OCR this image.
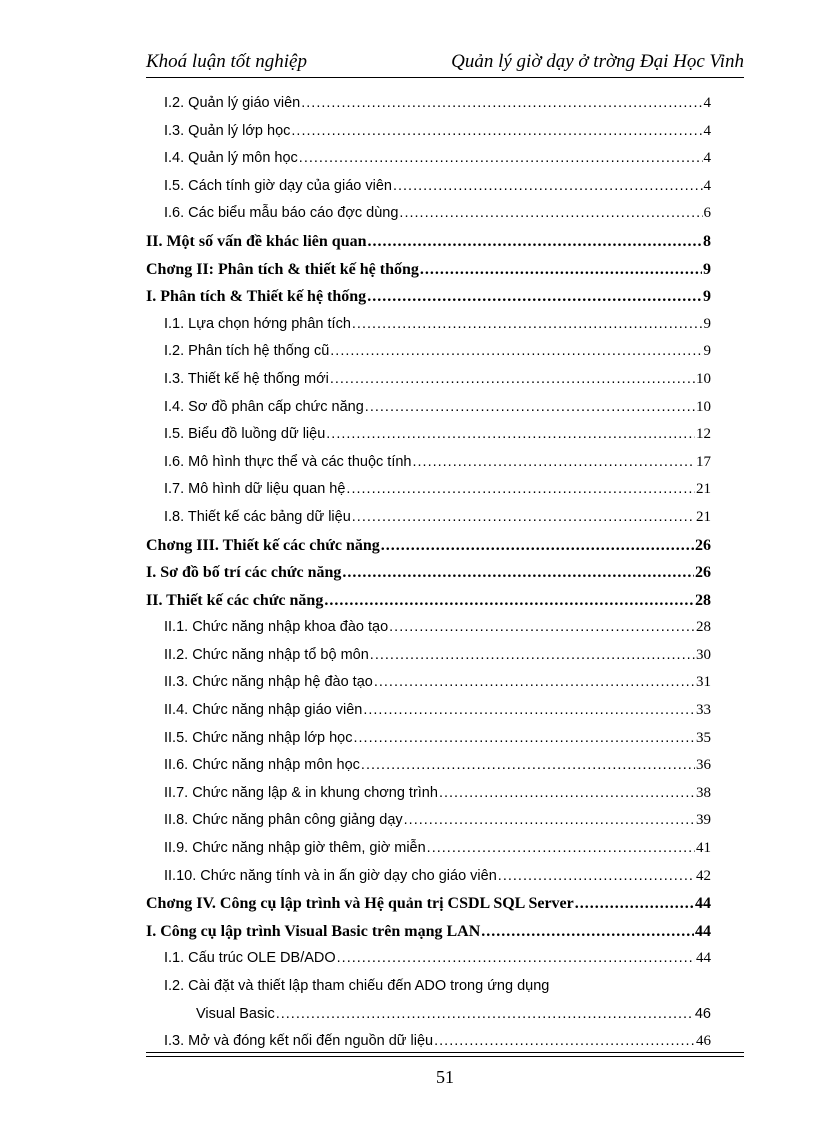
Khoá luận tốt nghiệp	Quản lý giờ dạy ở trờng Đại Học Vinh
I.2. Quản lý giáo viên .....	4
I.3. Quản lý lớp học .....	4
I.4. Quản lý môn học .....	4
I.5. Cách tính giờ dạy của giáo viên .....	4
I.6. Các biểu mẫu báo cáo đợc dùng .....	6
II. Một số vấn đề khác liên quan .....	8
Chơng II: Phân tích & thiết kế hệ thống .....	9
I. Phân tích & Thiết kế hệ thống .....	9
I.1. Lựa chọn hớng phân tích .....	9
I.2. Phân tích hệ thống cũ .....	9
I.3. Thiết kế hệ thống mới .....	10
I.4. Sơ đồ phân cấp chức năng .....	10
I.5. Biểu đồ luồng dữ liệu .....	12
I.6. Mô hình thực thể và các thuộc tính .....	17
I.7. Mô hình dữ liệu quan hệ .....	21
I.8. Thiết kế các bảng dữ liệu .....	21
Chơng III. Thiết kế các chức năng .....	26
I. Sơ đồ bố trí các chức năng .....	26
II. Thiết kế các chức năng .....	28
II.1. Chức năng nhập khoa đào tạo .....	28
II.2. Chức năng nhập tổ bộ môn .....	30
II.3. Chức năng nhập hệ đào tạo .....	31
II.4. Chức năng nhập giáo viên .....	33
II.5. Chức năng nhập lớp học .....	35
II.6. Chức năng nhập môn học .....	36
II.7. Chức năng lập & in khung chơng trình .....	38
II.8. Chức năng phân công giảng dạy .....	39
II.9. Chức năng nhập giờ thêm, giờ miễn .....	41
II.10. Chức năng tính và in ấn giờ dạy cho giáo viên .....	42
Chơng IV. Công cụ lập trình và Hệ quản trị CSDL SQL Server .....	44
I. Công cụ lập trình Visual Basic trên mạng LAN .....	44
I.1. Cấu trúc OLE DB/ADO .....	44
I.2. Cài đặt và thiết lập tham chiếu đến ADO trong ứng dụng
Visual Basic .....	46
I.3. Mở và đóng kết nối đến nguồn dữ liệu .....	46
51
